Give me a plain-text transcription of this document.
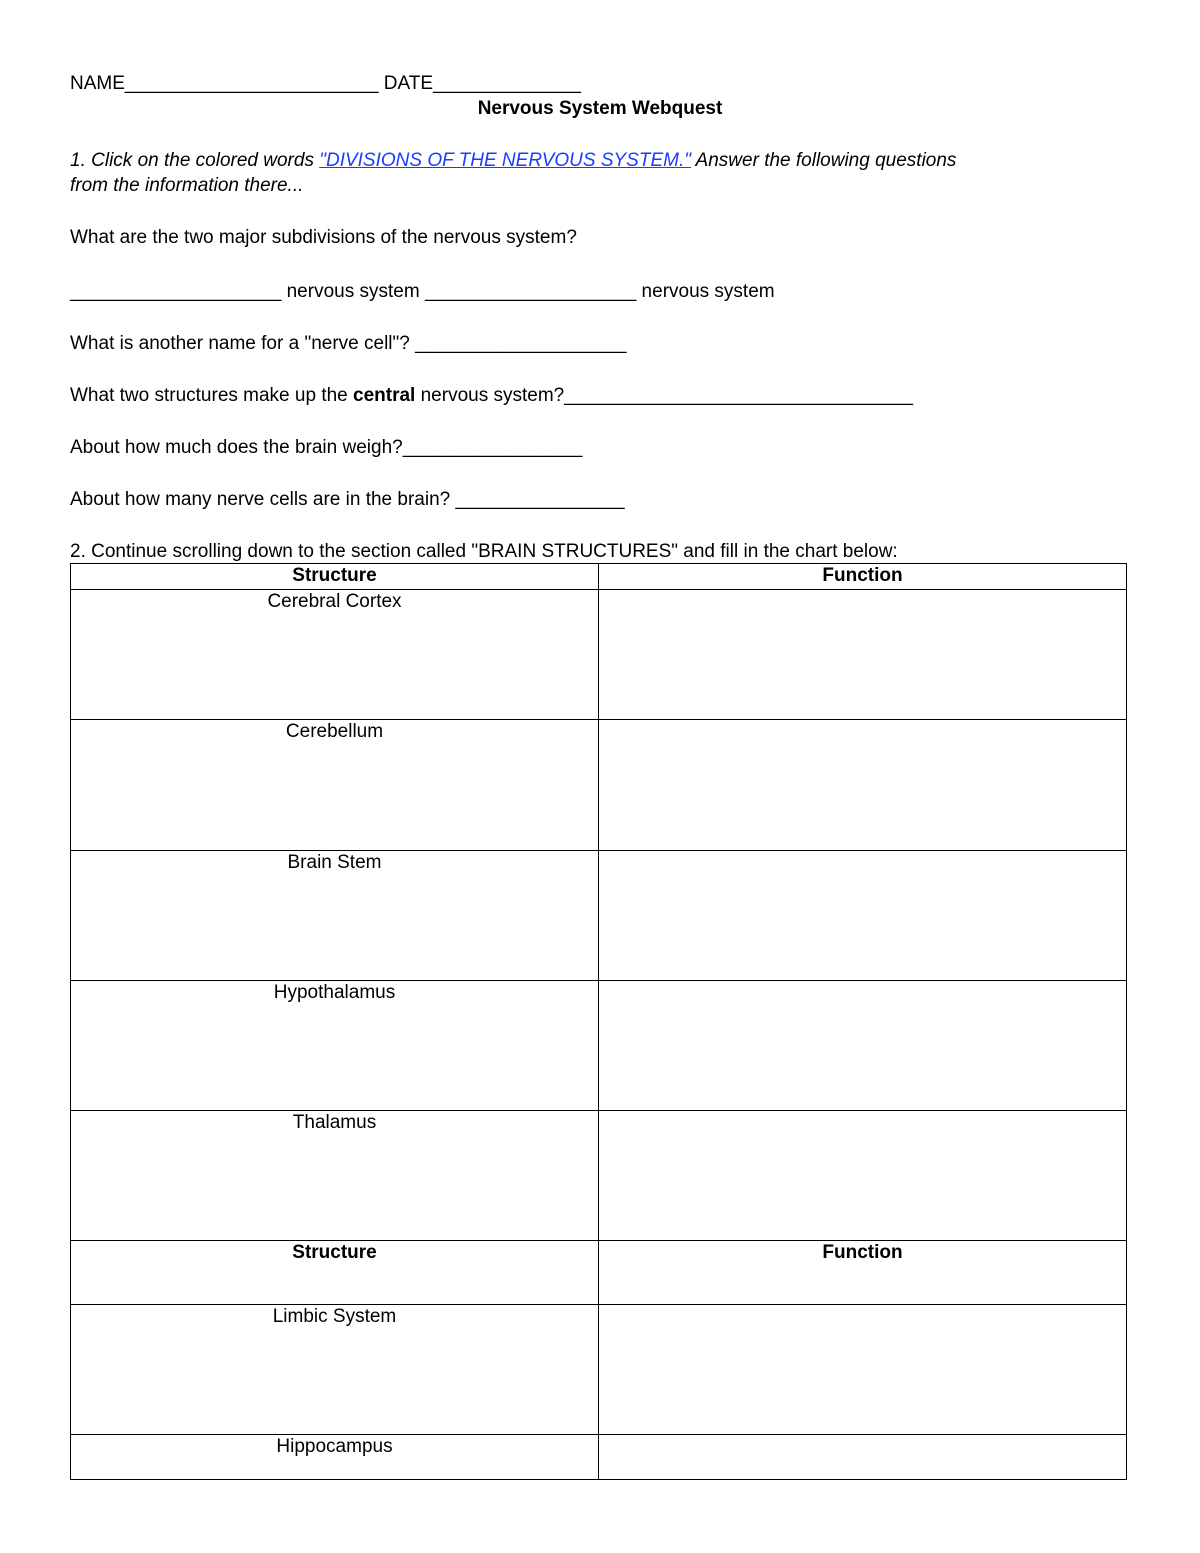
NAME________________________ DATE______________
Nervous System Webquest
1. Click on the colored words "DIVISIONS OF THE NERVOUS SYSTEM." Answer the following questions
from the information there...
What are the two major subdivisions of the nervous system?
____________________ nervous system ____________________ nervous system
What is another name for a "nerve cell"? ____________________
What two structures make up the central nervous system?_________________________________
About how much does the brain weigh?_________________
About how many nerve cells are in the brain? ________________
2. Continue scrolling down to the section called "BRAIN STRUCTURES" and fill in the chart below:
Structure	Function
Cerebral Cortex	
Cerebellum	
Brain Stem	
Hypothalamus	
Thalamus	
Structure	Function
Limbic System	
Hippocampus	
